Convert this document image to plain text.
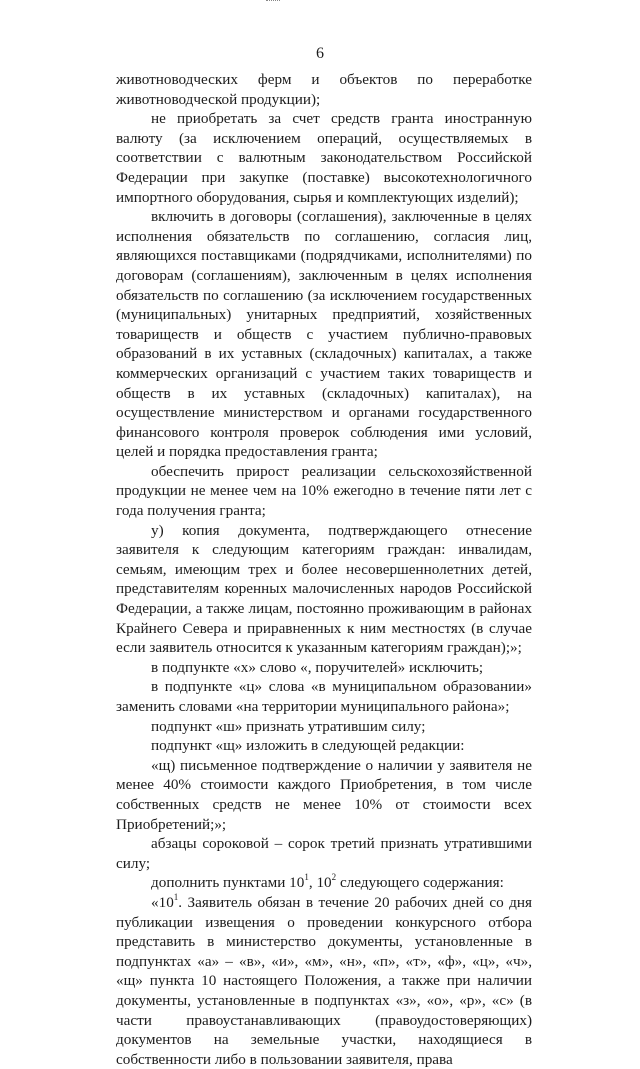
6

животноводческих ферм и объектов по переработке животноводческой продукции);

не приобретать за счет средств гранта иностранную валюту (за исключением операций, осуществляемых в соответствии с валютным законодательством Российской Федерации при закупке (поставке) высокотехнологичного импортного оборудования, сырья и комплектующих изделий);

включить в договоры (соглашения), заключенные в целях исполнения обязательств по соглашению, согласия лиц, являющихся поставщиками (подрядчиками, исполнителями) по договорам (соглашениям), заключенным в целях исполнения обязательств по соглашению (за исключением государственных (муниципальных) унитарных предприятий, хозяйственных товариществ и обществ с участием публично-правовых образований в их уставных (складочных) капиталах, а также коммерческих организаций с участием таких товариществ и обществ в их уставных (складочных) капиталах), на осуществление министерством и органами государственного финансового контроля проверок соблюдения ими условий, целей и порядка предоставления гранта;

обеспечить прирост реализации сельскохозяйственной продукции не менее чем на 10% ежегодно в течение пяти лет с года получения гранта;

у) копия документа, подтверждающего отнесение заявителя к следующим категориям граждан: инвалидам, семьям, имеющим трех и более несовершеннолетних детей, представителям коренных малочисленных народов Российской Федерации, а также лицам, постоянно проживающим в районах Крайнего Севера и приравненных к ним местностях (в случае если заявитель относится к указанным категориям граждан);»;

в подпункте «х» слово «, поручителей» исключить;

в подпункте «ц» слова «в муниципальном образовании» заменить словами «на территории муниципального района»;

подпункт «ш» признать утратившим силу;

подпункт «щ» изложить в следующей редакции:

«щ) письменное подтверждение о наличии у заявителя не менее 40% стоимости каждого Приобретения, в том числе собственных средств не менее 10% от стоимости всех Приобретений;»;

абзацы сороковой – сорок третий признать утратившими силу;

дополнить пунктами $10^1$, $10^2$ следующего содержания:

«$10^1$. Заявитель обязан в течение 20 рабочих дней со дня публикации извещения о проведении конкурсного отбора представить в министерство документы, установленные в подпунктах «а» – «в», «и», «м», «н», «п», «т», «ф», «ц», «ч», «щ» пункта 10 настоящего Положения, а также при наличии документы, установленные в подпунктах «з», «о», «р», «с» (в части правоустанавливающих (правоудостоверяющих) документов на земельные участки, находящиеся в собственности либо в пользовании заявителя, права
